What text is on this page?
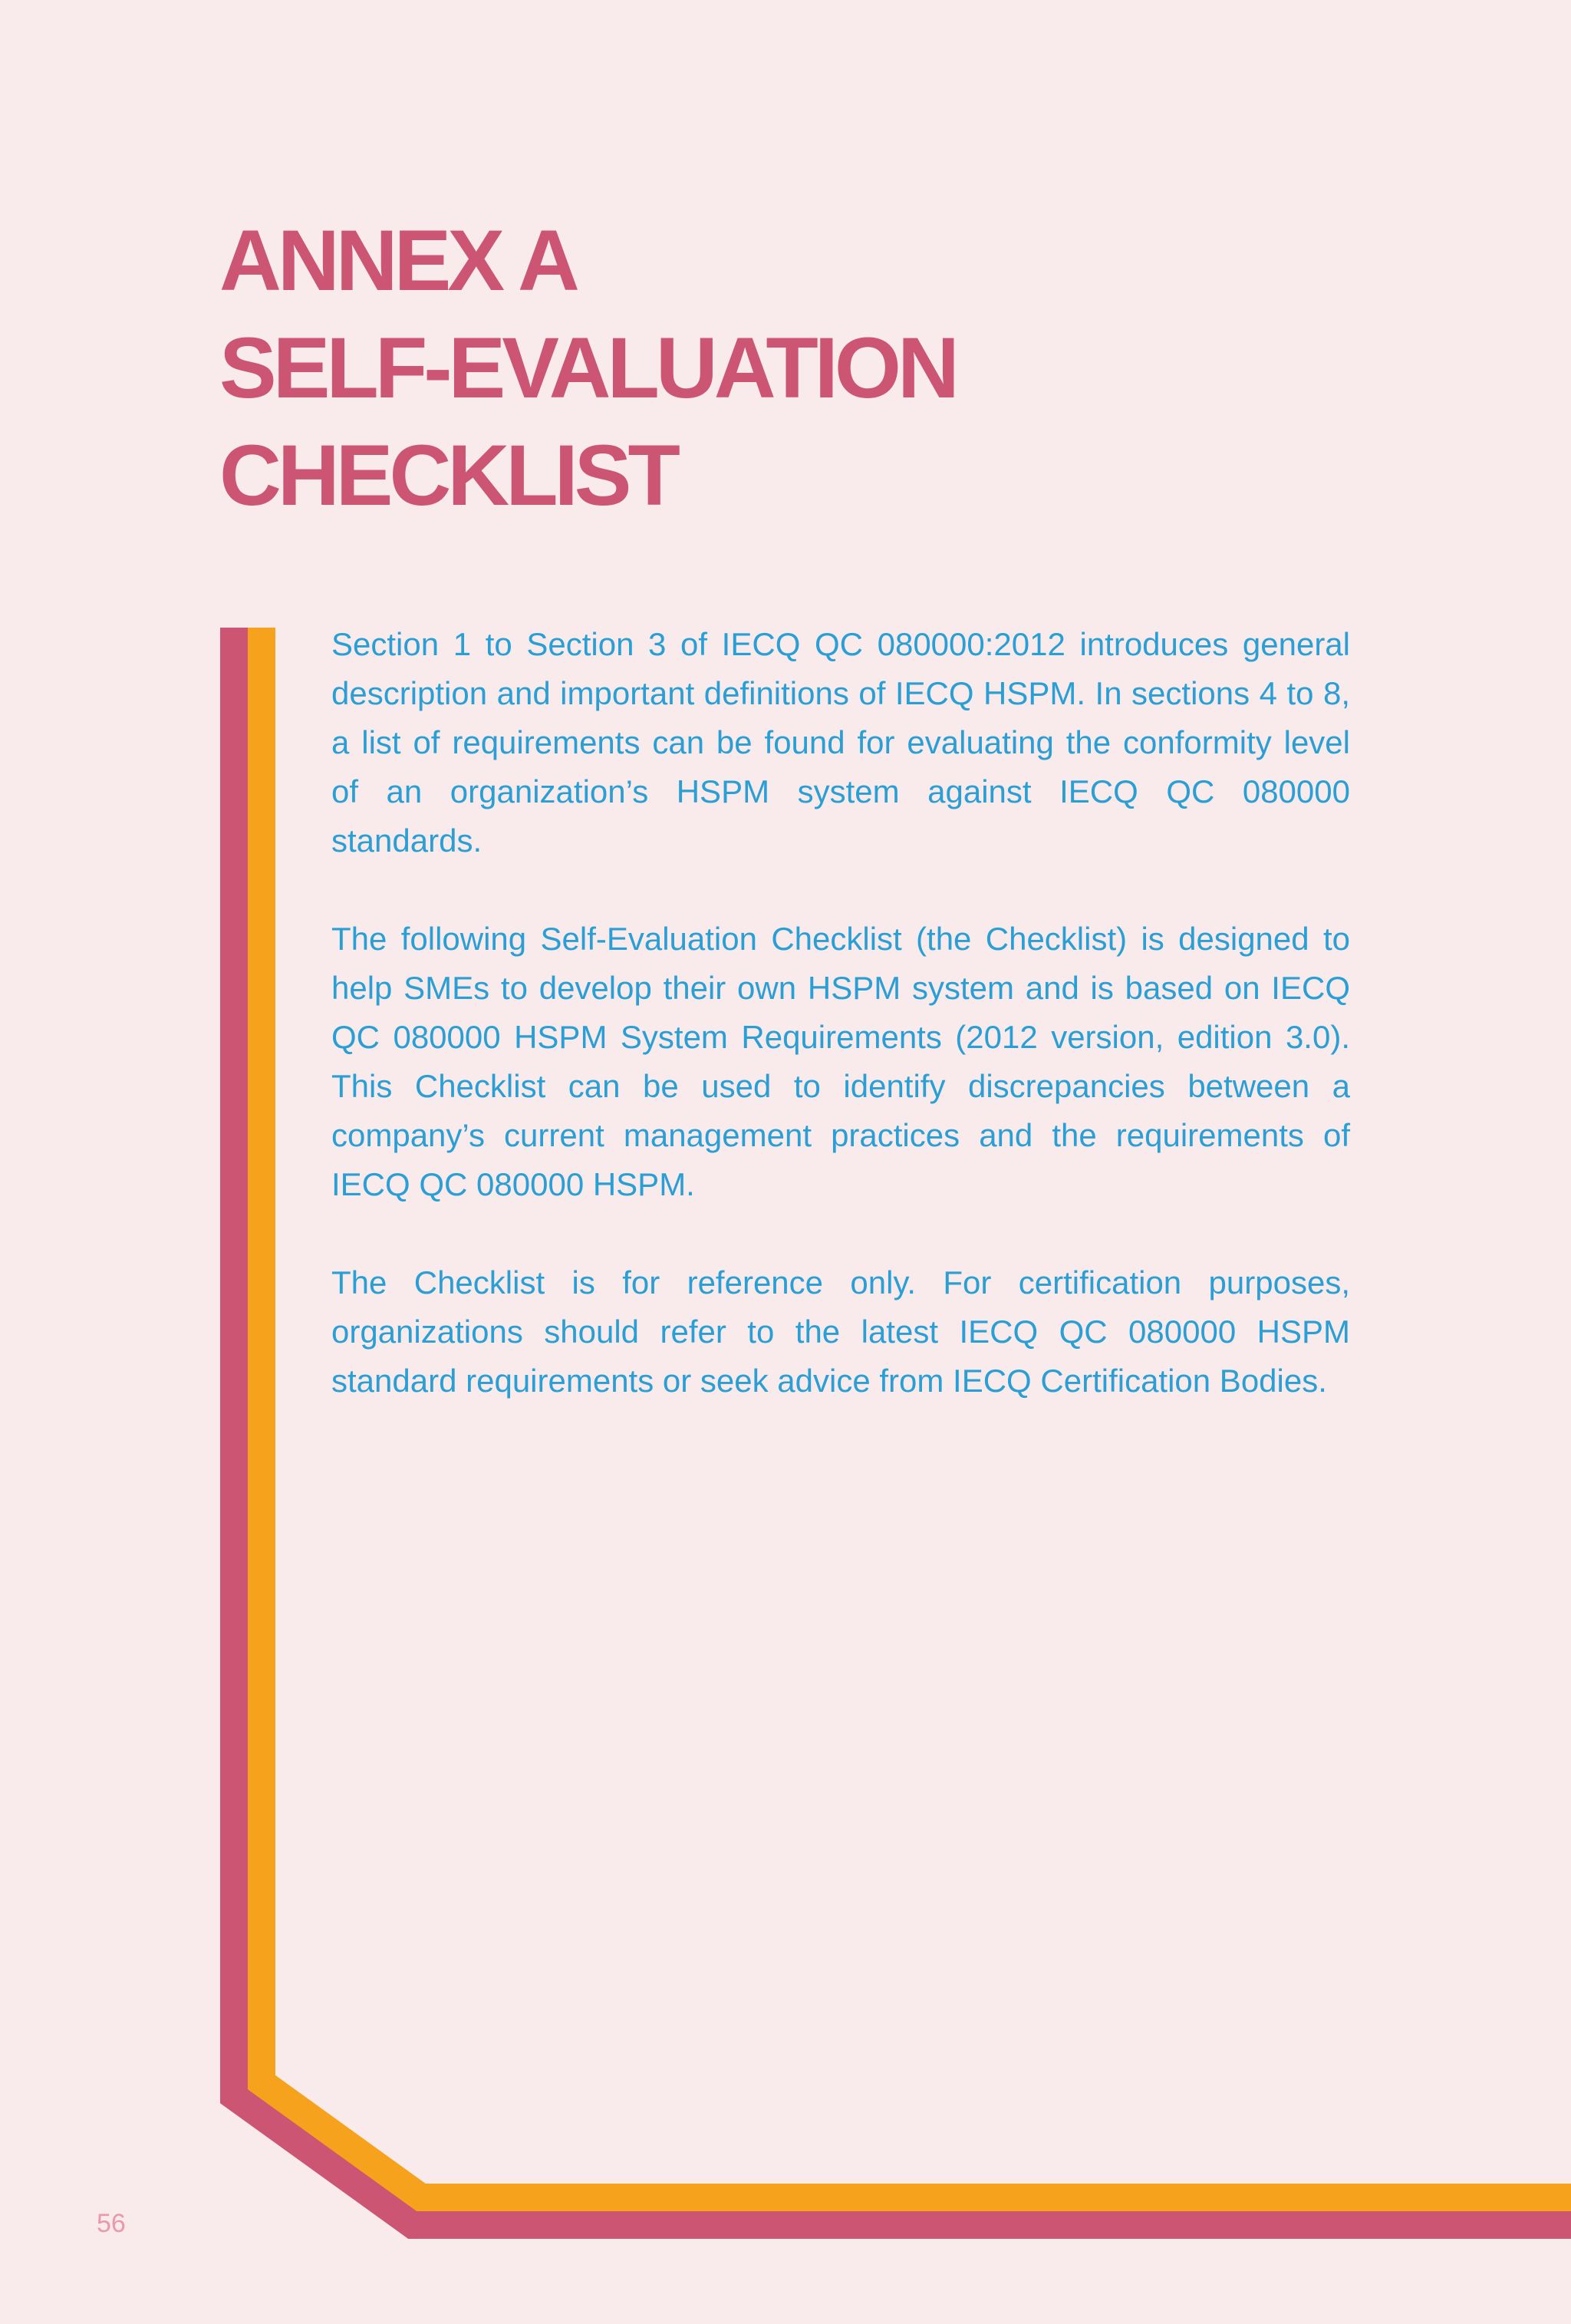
ANNEX A
SELF-EVALUATION
CHECKLIST

Section 1 to Section 3 of IECQ QC 080000:2012 introduces general description and important definitions of IECQ HSPM. In sections 4 to 8, a list of requirements can be found for evaluating the conformity level of an organization’s HSPM system against IECQ QC 080000 standards.

The following Self-Evaluation Checklist (the Checklist) is designed to help SMEs to develop their own HSPM system and is based on IECQ QC 080000 HSPM System Requirements (2012 version, edition 3.0). This Checklist can be used to identify discrepancies between a company’s current management practices and the requirements of IECQ QC 080000 HSPM.

The Checklist is for reference only. For certification purposes, organizations should refer to the latest IECQ QC 080000 HSPM standard requirements or seek advice from IECQ Certification Bodies.

56
